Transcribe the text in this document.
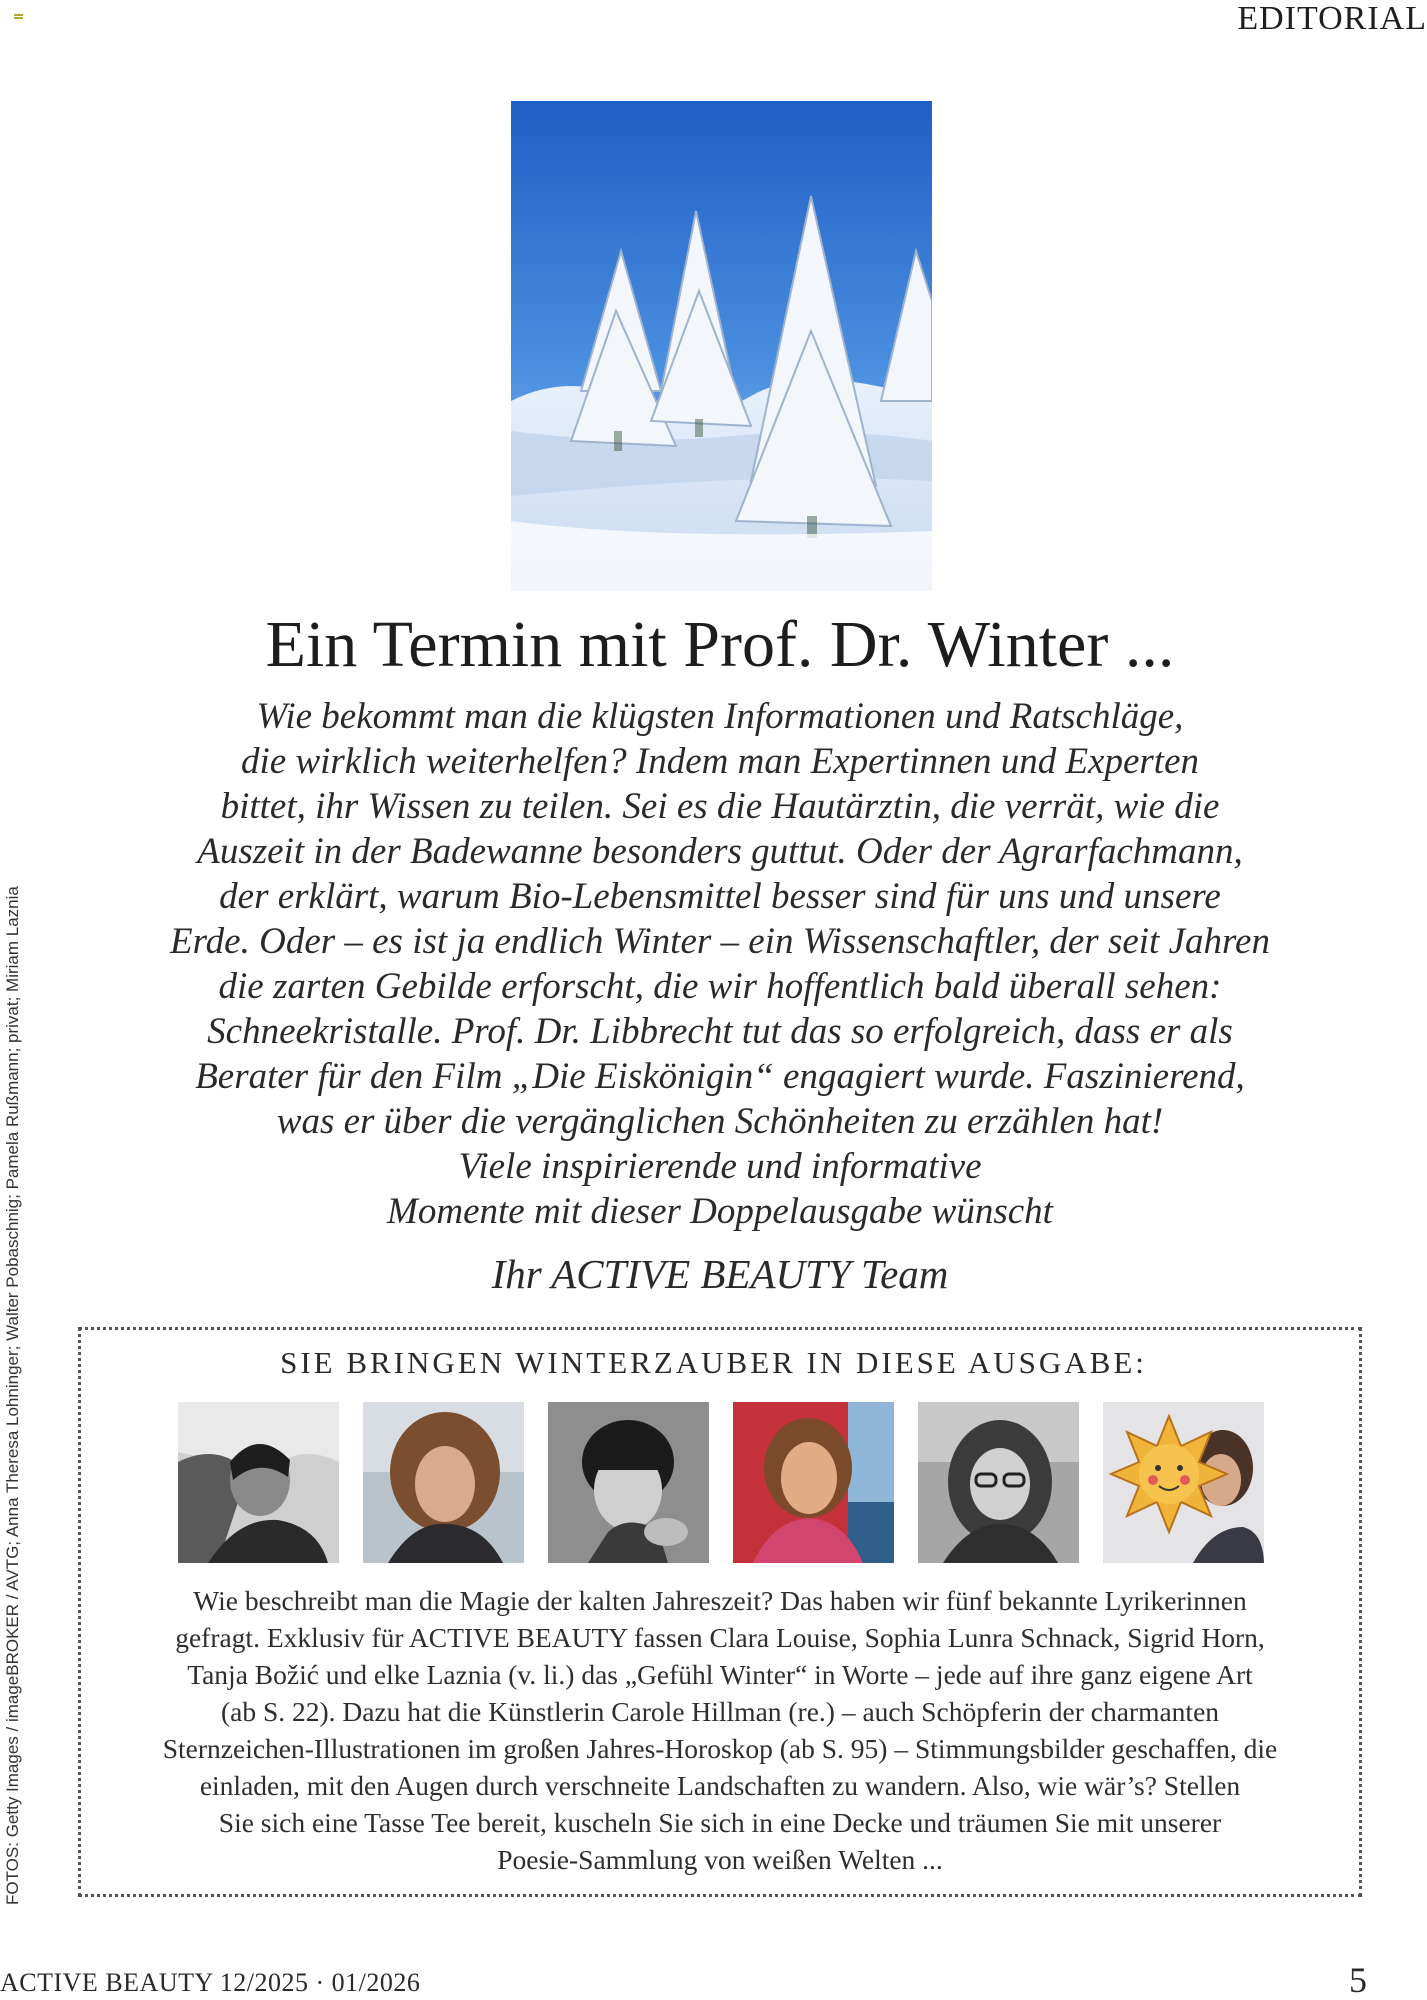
EDITORIAL
FOTOS: Getty Images / imageBROKER / AVTG; Anna Theresa Lohninger; Walter Pobaschnig; Pamela Rußmann; privat; Miriam Laznia
Ein Termin mit Prof. Dr. Winter ...
Wie bekommt man die klügsten Informationen und Ratschläge,
die wirklich weiterhelfen? Indem man Expertinnen und Experten
bittet, ihr Wissen zu teilen. Sei es die Hautärztin, die verrät, wie die
Auszeit in der Badewanne besonders guttut. Oder der Agrarfachmann,
der erklärt, warum Bio-Lebensmittel besser sind für uns und unsere
Erde. Oder – es ist ja endlich Winter – ein Wissenschaftler, der seit Jahren
die zarten Gebilde erforscht, die wir hoffentlich bald überall sehen:
Schneekristalle. Prof. Dr. Libbrecht tut das so erfolgreich, dass er als
Berater für den Film „Die Eiskönigin“ engagiert wurde. Faszinierend,
was er über die vergänglichen Schönheiten zu erzählen hat!
Viele inspirierende und informative
Momente mit dieser Doppelausgabe wünscht
Ihr ACTIVE BEAUTY Team
SIE BRINGEN WINTERZAUBER IN DIESE AUSGABE:
Wie beschreibt man die Magie der kalten Jahreszeit? Das haben wir fünf bekannte Lyrikerinnen
gefragt. Exklusiv für ACTIVE BEAUTY fassen Clara Louise, Sophia Lunra Schnack, Sigrid Horn,
Tanja Božić und elke Laznia (v. li.) das „Gefühl Winter“ in Worte – jede auf ihre ganz eigene Art
(ab S. 22). Dazu hat die Künstlerin Carole Hillman (re.) – auch Schöpferin der charmanten
Sternzeichen-Illustrationen im großen Jahres-Horoskop (ab S. 95) – Stimmungsbilder geschaffen, die
einladen, mit den Augen durch verschneite Landschaften zu wandern. Also, wie wär’s? Stellen
Sie sich eine Tasse Tee bereit, kuscheln Sie sich in eine Decke und träumen Sie mit unserer
Poesie-Sammlung von weißen Welten ...
ACTIVE BEAUTY 12/2025 · 01/2026	5
